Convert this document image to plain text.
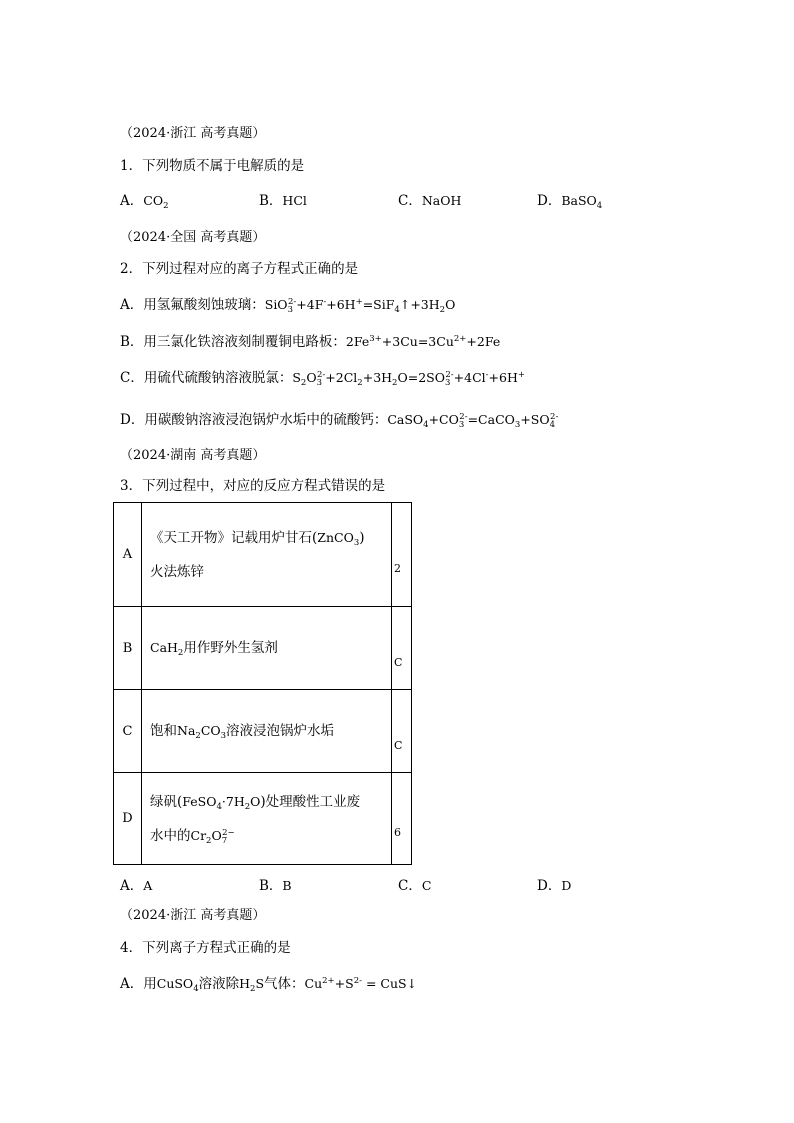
（2024·浙江 高考真题）
1．下列物质不属于电解质的是
A．$CO_2$	B．HCl	C．NaOH	D．BaSO$_4$
（2024·全国 高考真题）
2．下列过程对应的离子方程式正确的是
A．用氢氟酸刻蚀玻璃：$SiO_3^{2-}+4F^-+6H^+=SiF_4↑+3H_2O$
B．用三氯化铁溶液刻制覆铜电路板：$2Fe^{3+}+3Cu=3Cu^{2+}+2Fe$
C．用硫代硫酸钠溶液脱氯：$S_2O_3^{2-}+2Cl_2+3H_2O=2SO_3^{2-}+4Cl^-+6H^+$
D．用碳酸钠溶液浸泡锅炉水垢中的硫酸钙：$CaSO_4+CO_3^{2-}=CaCO_3+SO_4^{2-}$
（2024·湖南 高考真题）
3．下列过程中，对应的反应方程式错误的是
A	《天工开物》记载用炉甘石(ZnCO$_3$)
火法炼锌	2

B	CaH$_2$用作野外生氢剂	C

C	饱和$Na_2CO_3$溶液浸泡锅炉水垢	C

D	绿矾$(FeSO_4\cdot 7H_2O)$处理酸性工业废
水中的$Cr_2O_7^{2-}$	6
A．A	B．B	C．C	D．D
（2024·浙江 高考真题）
4．下列离子方程式正确的是
A．用CuSO$_4$溶液除$H_2S$气体：$Cu^{2+}+S^{2-}$ = CuS↓
